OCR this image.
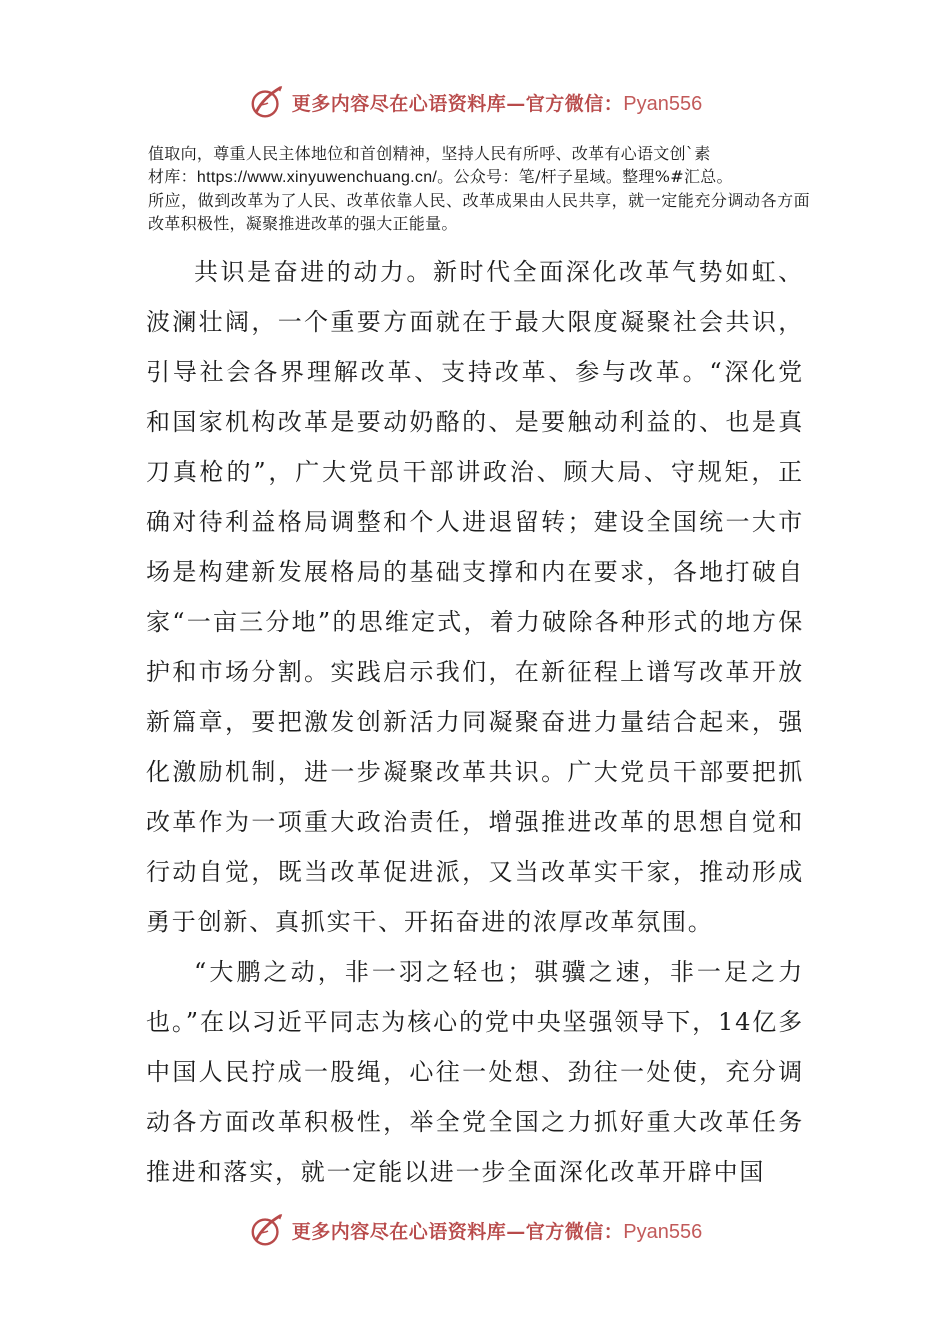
更多内容尽在心语资料库—官方微信：Pyan556

值取向，尊重人民主体地位和首创精神，坚持人民有所呼、改革有心语文创`素

材库：https://www.xinyuwenchuang.cn/。公众号：笔/杆子星域。整理%#汇总。

所应，做到改革为了人民、改革依靠人民、改革成果由人民共享，就一定能充分调动各方面改革积极性，凝聚推进改革的强大正能量。

共识是奋进的动力。新时代全面深化改革气势如虹、波澜壮阔，一个重要方面就在于最大限度凝聚社会共识，引导社会各界理解改革、支持改革、参与改革。“深化党和国家机构改革是要动奶酪的、是要触动利益的、也是真刀真枪的”，广大党员干部讲政治、顾大局、守规矩，正确对待利益格局调整和个人进退留转；建设全国统一大市场是构建新发展格局的基础支撑和内在要求，各地打破自家“一亩三分地”的思维定式，着力破除各种形式的地方保护和市场分割。实践启示我们，在新征程上谱写改革开放新篇章，要把激发创新活力同凝聚奋进力量结合起来，强化激励机制，进一步凝聚改革共识。广大党员干部要把抓改革作为一项重大政治责任，增强推进改革的思想自觉和行动自觉，既当改革促进派，又当改革实干家，推动形成勇于创新、真抓实干、开拓奋进的浓厚改革氛围。

“大鹏之动，非一羽之轻也；骐骥之速，非一足之力也。”在以习近平同志为核心的党中央坚强领导下，14亿多中国人民拧成一股绳，心往一处想、劲往一处使，充分调动各方面改革积极性，举全党全国之力抓好重大改革任务推进和落实，就一定能以进一步全面深化改革开辟中国

更多内容尽在心语资料库—官方微信：Pyan556
